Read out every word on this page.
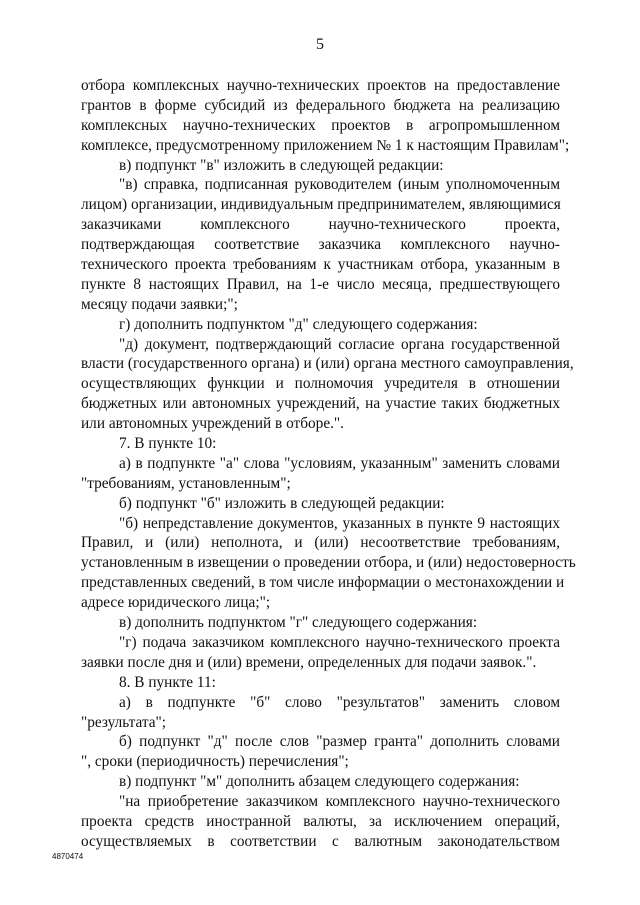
5
отбора комплексных научно-технических проектов на предоставление
грантов в форме субсидий из федерального бюджета на реализацию
комплексных научно-технических проектов в агропромышленном
комплексе, предусмотренному приложением № 1 к настоящим Правилам";
в) подпункт "в" изложить в следующей редакции:
"в) справка, подписанная руководителем (иным уполномоченным
лицом) организации, индивидуальным предпринимателем, являющимися
заказчиками комплексного научно-технического проекта,
подтверждающая соответствие заказчика комплексного научно-
технического проекта требованиям к участникам отбора, указанным в
пункте 8 настоящих Правил, на 1-е число месяца, предшествующего
месяцу подачи заявки;";
г) дополнить подпунктом "д" следующего содержания:
"д) документ, подтверждающий согласие органа государственной
власти (государственного органа) и (или) органа местного самоуправления,
осуществляющих функции и полномочия учредителя в отношении
бюджетных или автономных учреждений, на участие таких бюджетных
или автономных учреждений в отборе.".
7. В пункте 10:
а) в подпункте "а" слова "условиям, указанным" заменить словами
"требованиям, установленным";
б) подпункт "б" изложить в следующей редакции:
"б) непредставление документов, указанных в пункте 9 настоящих
Правил, и (или) неполнота, и (или) несоответствие требованиям,
установленным в извещении о проведении отбора, и (или) недостоверность
представленных сведений, в том числе информации о местонахождении и
адресе юридического лица;";
в) дополнить подпунктом "г" следующего содержания:
"г) подача заказчиком комплексного научно-технического проекта
заявки после дня и (или) времени, определенных для подачи заявок.".
8. В пункте 11:
а) в подпункте "б" слово "результатов" заменить словом
"результата";
б) подпункт "д" после слов "размер гранта" дополнить словами
", сроки (периодичность) перечисления";
в) подпункт "м" дополнить абзацем следующего содержания:
"на приобретение заказчиком комплексного научно-технического
проекта средств иностранной валюты, за исключением операций,
осуществляемых в соответствии с валютным законодательством
4870474
